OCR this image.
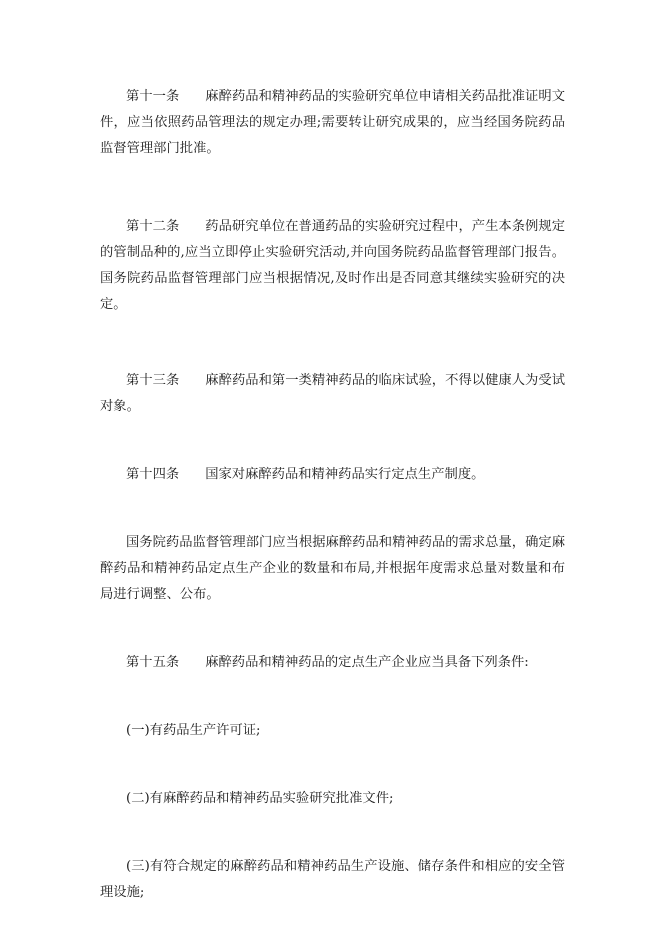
第十一条 麻醉药品和精神药品的实验研究单位申请相关药品批准证明文件，应当依照药品管理法的规定办理;需要转让研究成果的，应当经国务院药品监督管理部门批准。

第十二条 药品研究单位在普通药品的实验研究过程中，产生本条例规定的管制品种的,应当立即停止实验研究活动,并向国务院药品监督管理部门报告。国务院药品监督管理部门应当根据情况,及时作出是否同意其继续实验研究的决定。

第十三条 麻醉药品和第一类精神药品的临床试验，不得以健康人为受试对象。

第十四条 国家对麻醉药品和精神药品实行定点生产制度。

国务院药品监督管理部门应当根据麻醉药品和精神药品的需求总量，确定麻醉药品和精神药品定点生产企业的数量和布局,并根据年度需求总量对数量和布局进行调整、公布。

第十五条 麻醉药品和精神药品的定点生产企业应当具备下列条件:

(一)有药品生产许可证;

(二)有麻醉药品和精神药品实验研究批准文件;

(三)有符合规定的麻醉药品和精神药品生产设施、储存条件和相应的安全管理设施;
